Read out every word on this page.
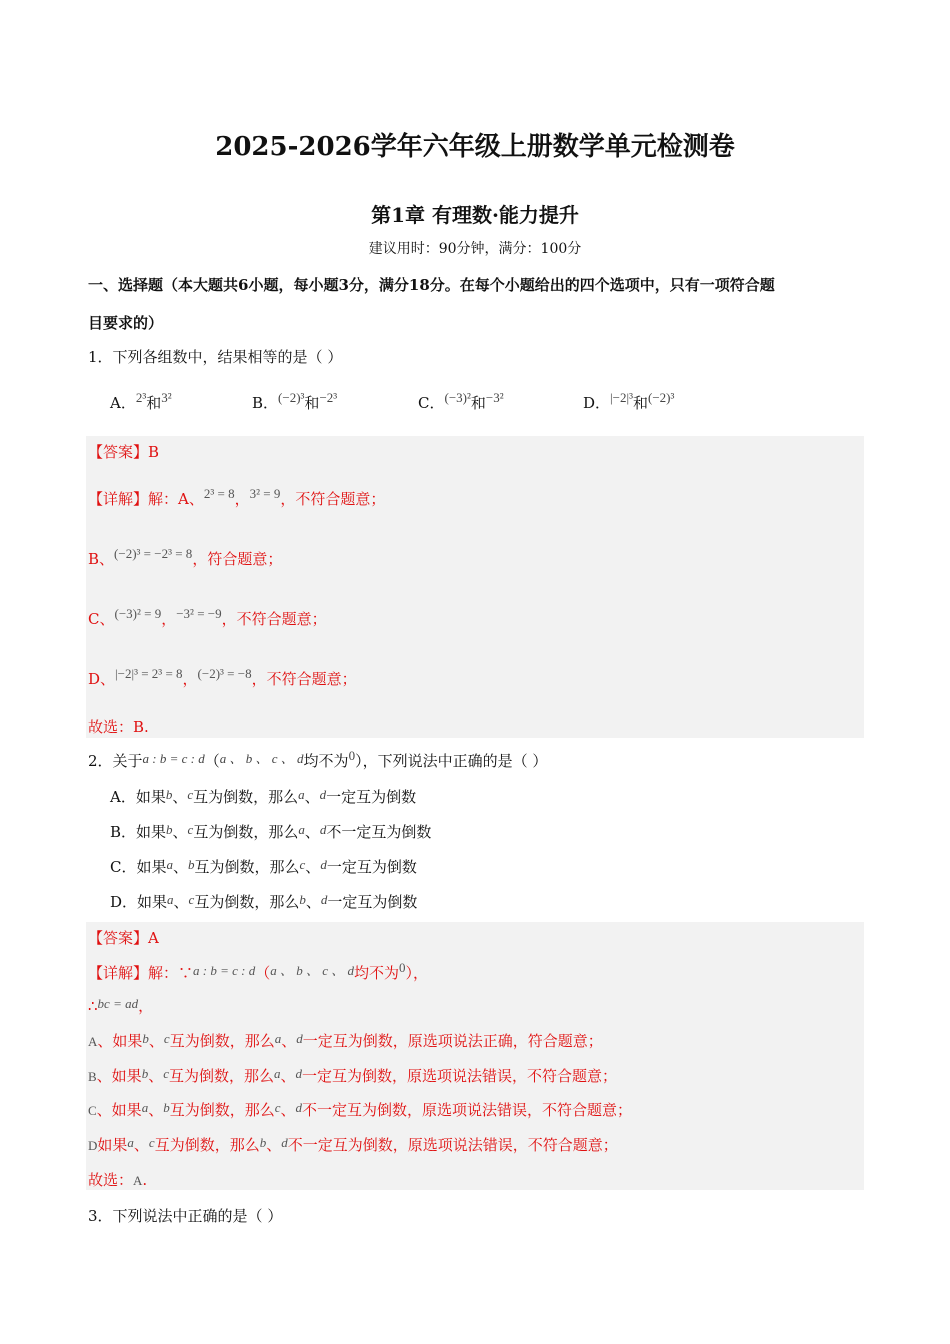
2025-2026学年六年级上册数学单元检测卷
第1章 有理数·能力提升
建议用时：90分钟，满分：100分
一、选择题（本大题共6小题，每小题3分，满分18分。在每个小题给出的四个选项中，只有一项符合题
目要求的）
1．下列各组数中，结果相等的是（ ）
A．2³和3²	B．(−2)³和−2³	C．(−3)²和−3²	D．|−2|³和(−2)³
【答案】B
【详解】解：A、2³ = 8，3² = 9，不符合题意；
B、(−2)³ = −2³ = 8，符合题意；
C、(−3)² = 9，−3² = −9，不符合题意；
D、|−2|³ = 2³ = 8，(−2)³ = −8，不符合题意；
故选：B.
2．关于a : b = c : d（a 、 b 、 c 、 d均不为0），下列说法中正确的是（ ）
A．如果b、c互为倒数，那么a、d一定互为倒数
B．如果b、c互为倒数，那么a、d不一定互为倒数
C．如果a、b互为倒数，那么c、d一定互为倒数
D．如果a、c互为倒数，那么b、d一定互为倒数
【答案】A
【详解】解：∵a : b = c : d（a 、 b 、 c 、 d均不为0），
∴bc = ad，
A、如果b、c互为倒数，那么a、d一定互为倒数，原选项说法正确，符合题意；
B、如果b、c互为倒数，那么a、d一定互为倒数，原选项说法错误，不符合题意；
C、如果a、b互为倒数，那么c、d不一定互为倒数，原选项说法错误，不符合题意；
D如果a、c互为倒数，那么b、d不一定互为倒数，原选项说法错误，不符合题意；
故选：A.
3．下列说法中正确的是（ ）
